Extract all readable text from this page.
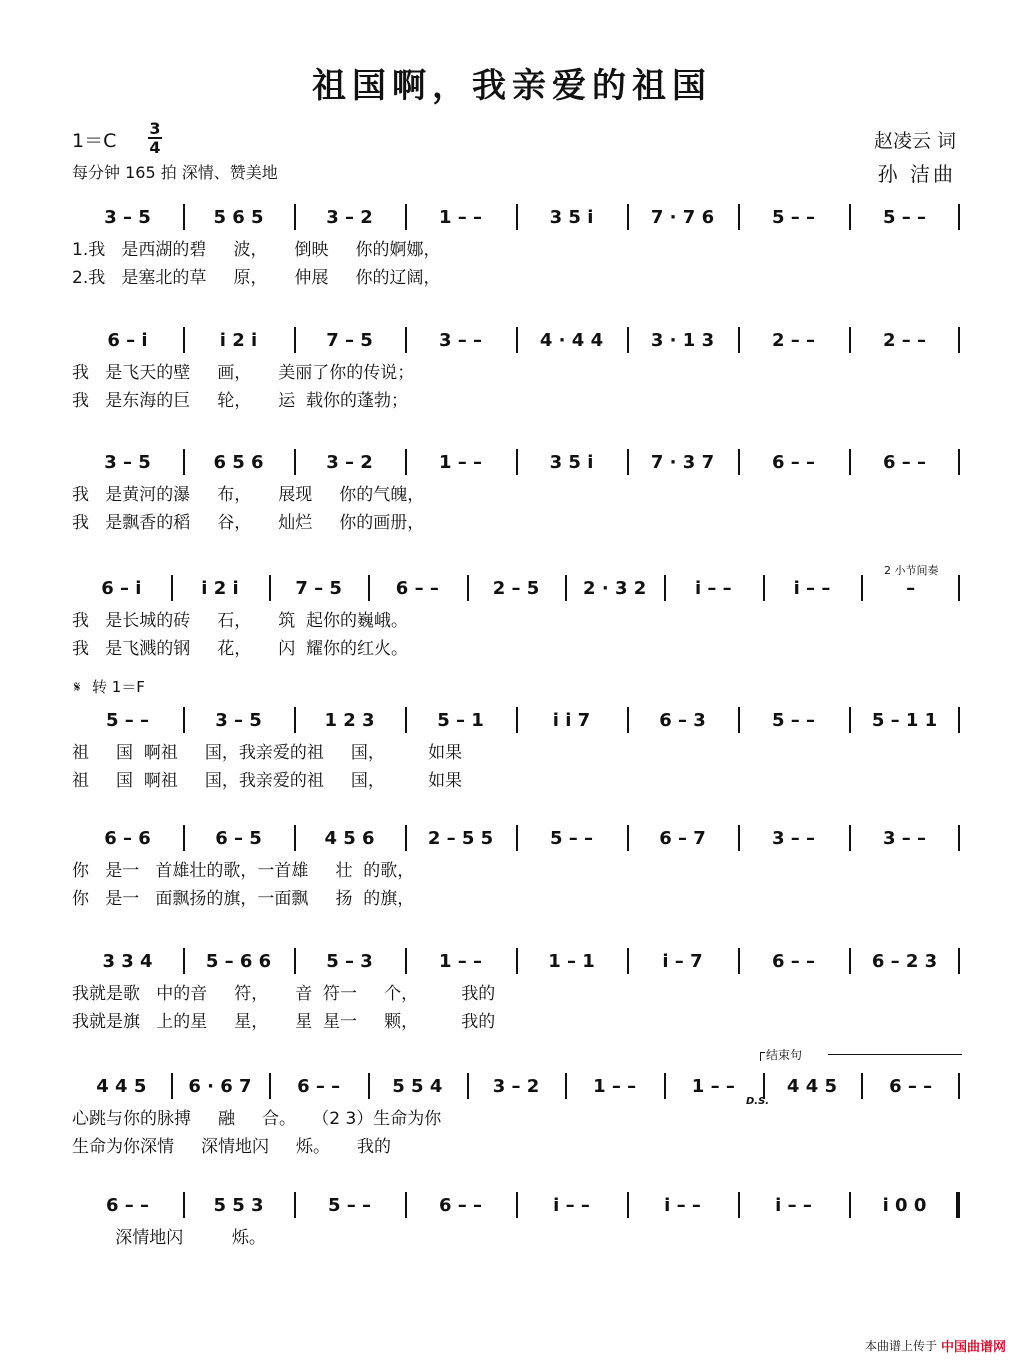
祖国啊，我亲爱的祖国
1＝C
3
4
每分钟 165 拍 深情、赞美地
赵凌云 词
孙 洁曲
3 – 5	5 6 5	3 – 2	1 – –	3 5 i	7 · 7 6	5 – –	5 – –
1.我   是西湖的碧     波，     倒映     你的婀娜，
2.我   是塞北的草     原，     伸展     你的辽阔，
6 – i	i 2 i	7 – 5	3 – –	4 · 4 4	3 · 1 3	2 – –	2 – –
我   是飞天的壁     画，     美丽了你的传说；
我   是东海的巨     轮，     运  载你的蓬勃；
3 – 5	6 5 6	3 – 2	1 – –	3 5 i	7 · 3 7	6 – –	6 – –
我   是黄河的瀑     布，     展现     你的气魄，
我   是飘香的稻     谷，     灿烂     你的画册，
6 – i	i 2 i	7 – 5	6 – –	2 – 5	2 · 3 2	i – –	i – –	–
我   是长城的砖     石，     筑  起你的巍峨。
我   是飞溅的钢     花，     闪  耀你的红火。
5 – –	3 – 5	1 2 3	5 – 1	i i 7	6 – 3	5 – –	5 – 1 1
祖     国  啊祖     国，我亲爱的祖     国，        如果
祖     国  啊祖     国，我亲爱的祖     国，        如果
6 – 6	6 – 5	4 5 6	2 – 5 5	5 – –	6 – 7	3 – –	3 – –
你   是一   首雄壮的歌，一首雄     壮  的歌，
你   是一   面飘扬的旗，一面飘     扬  的旗，
3 3 4	5 – 6 6	5 – 3	1 – –	1 – 1	i – 7	6 – –	6 – 2 3
我就是歌   中的音     符，     音  符一     个，        我的
我就是旗   上的星     星，     星  星一     颗，        我的
4 4 5	6 · 6 7	6 – –	5 5 4	3 – 2	1 – –	1 – –	4 4 5	6 – –
心跳与你的脉搏     融     合。   （2 3）生命为你
生命为你深情     深情地闪     烁。     我的
6 – –	5 5 3	5 – –	6 – –	i – –	i – –	i – –	i 0 0
深情地闪         烁。
𝄋 转 1＝F
2 小节间奏
结束句
D.S.
本曲谱上传于 中国曲谱网
